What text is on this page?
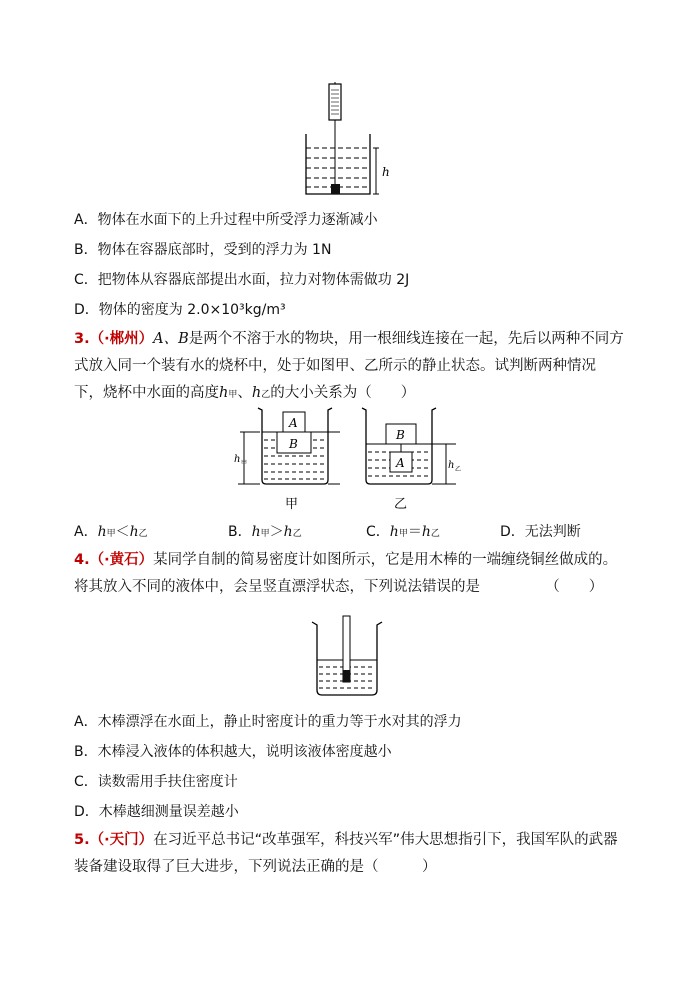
h
A．物体在水面下的上升过程中所受浮力逐渐减小
B．物体在容器底部时，受到的浮力为 1N
C．把物体从容器底部提出水面，拉力对物体需做功 2J
D．物体的密度为 2.0×10³kg/m³
3.（·郴州）A、B是两个不溶于水的物块，用一根细线连接在一起，先后以两种不同方式放入同一个装有水的烧杯中，处于如图甲、乙所示的静止状态。试判断两种情况下，烧杯中水面的高度h甲、h乙的大小关系为（　　）
h 甲
A
B
甲
h 乙
B
A
乙
A．h甲＜h乙	B．h甲＞h乙	C．h甲＝h乙	D．无法判断
4.（·黄石）某同学自制的简易密度计如图所示，它是用木棒的一端缠绕铜丝做成的。将其放入不同的液体中，会呈竖直漂浮状态，下列说法错误的是　　　　　（　　）
A．木棒漂浮在水面上，静止时密度计的重力等于水对其的浮力
B．木棒浸入液体的体积越大，说明该液体密度越小
C．读数需用手扶住密度计
D．木棒越细测量误差越小
5.（·天门）在习近平总书记“改革强军，科技兴军”伟大思想指引下，我国军队的武器装备建设取得了巨大进步，下列说法正确的是（　　　）
